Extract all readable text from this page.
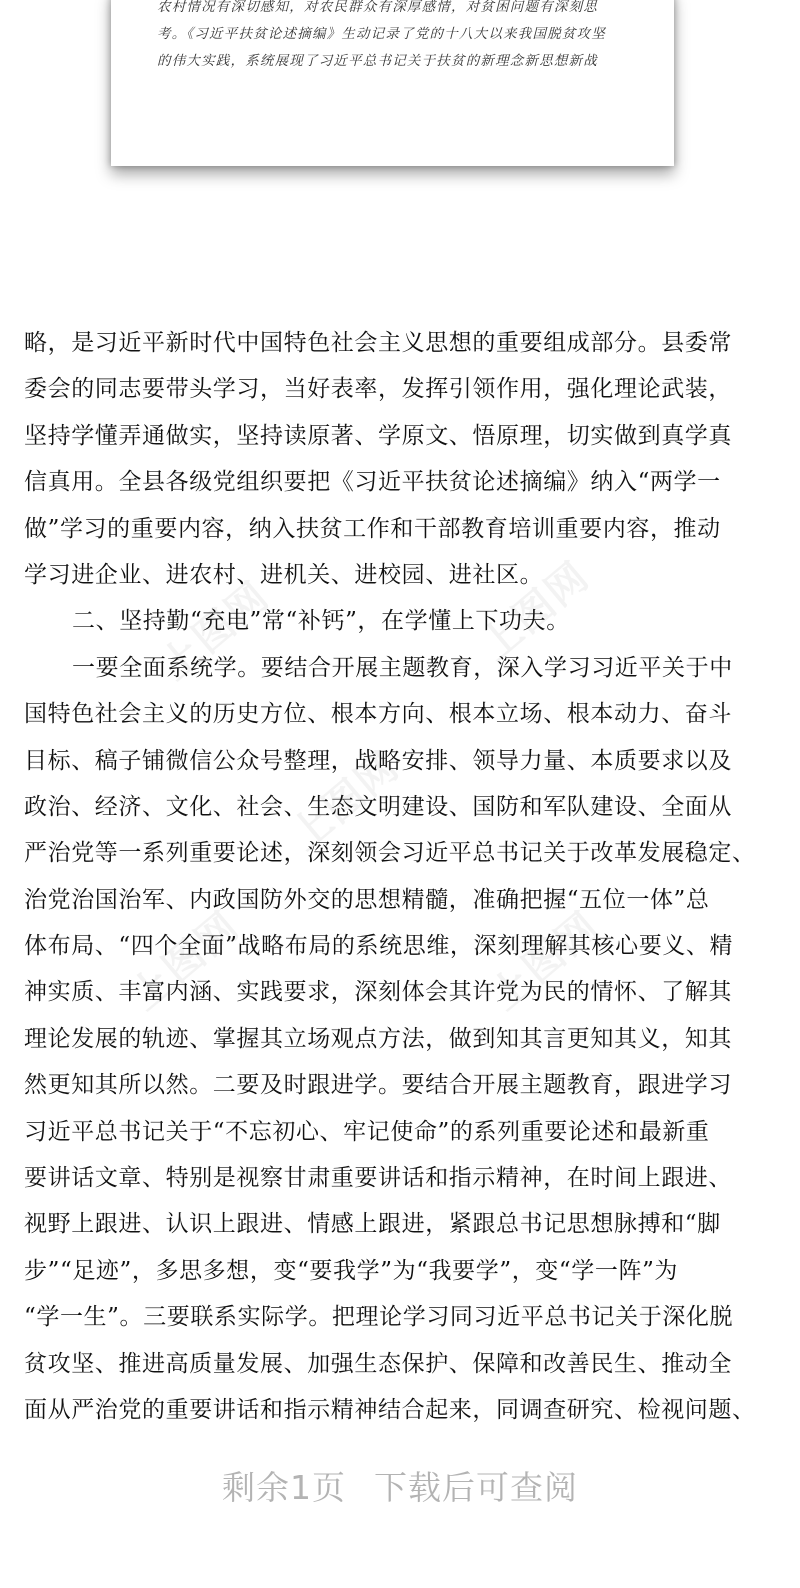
农村情况有深切感知，对农民群众有深厚感情，对贫困问题有深刻思
考。《习近平扶贫论述摘编》生动记录了党的十八大以来我国脱贫攻坚
的伟大实践，系统展现了习近平总书记关于扶贫的新理念新思想新战
上图网	上图网
上图网
上图网	上图网
略，是习近平新时代中国特色社会主义思想的重要组成部分。县委常
委会的同志要带头学习，当好表率，发挥引领作用，强化理论武装，
坚持学懂弄通做实，坚持读原著、学原文、悟原理，切实做到真学真
信真用。全县各级党组织要把《习近平扶贫论述摘编》纳入“两学一
做”学习的重要内容，纳入扶贫工作和干部教育培训重要内容，推动
学习进企业、进农村、进机关、进校园、进社区。
二、坚持勤“充电”常“补钙”，在学懂上下功夫。
一要全面系统学。要结合开展主题教育，深入学习习近平关于中
国特色社会主义的历史方位、根本方向、根本立场、根本动力、奋斗
目标、稿子铺微信公众号整理，战略安排、领导力量、本质要求以及
政治、经济、文化、社会、生态文明建设、国防和军队建设、全面从
严治党等一系列重要论述，深刻领会习近平总书记关于改革发展稳定、
治党治国治军、内政国防外交的思想精髓，准确把握“五位一体”总
体布局、“四个全面”战略布局的系统思维，深刻理解其核心要义、精
神实质、丰富内涵、实践要求，深刻体会其许党为民的情怀、了解其
理论发展的轨迹、掌握其立场观点方法，做到知其言更知其义，知其
然更知其所以然。二要及时跟进学。要结合开展主题教育，跟进学习
习近平总书记关于“不忘初心、牢记使命”的系列重要论述和最新重
要讲话文章、特别是视察甘肃重要讲话和指示精神，在时间上跟进、
视野上跟进、认识上跟进、情感上跟进，紧跟总书记思想脉搏和“脚
步”“足迹”，多思多想，变“要我学”为“我要学”，变“学一阵”为
“学一生”。三要联系实际学。把理论学习同习近平总书记关于深化脱
贫攻坚、推进高质量发展、加强生态保护、保障和改善民生、推动全
面从严治党的重要讲话和指示精神结合起来，同调查研究、检视问题、
剩余1页 下载后可查阅
